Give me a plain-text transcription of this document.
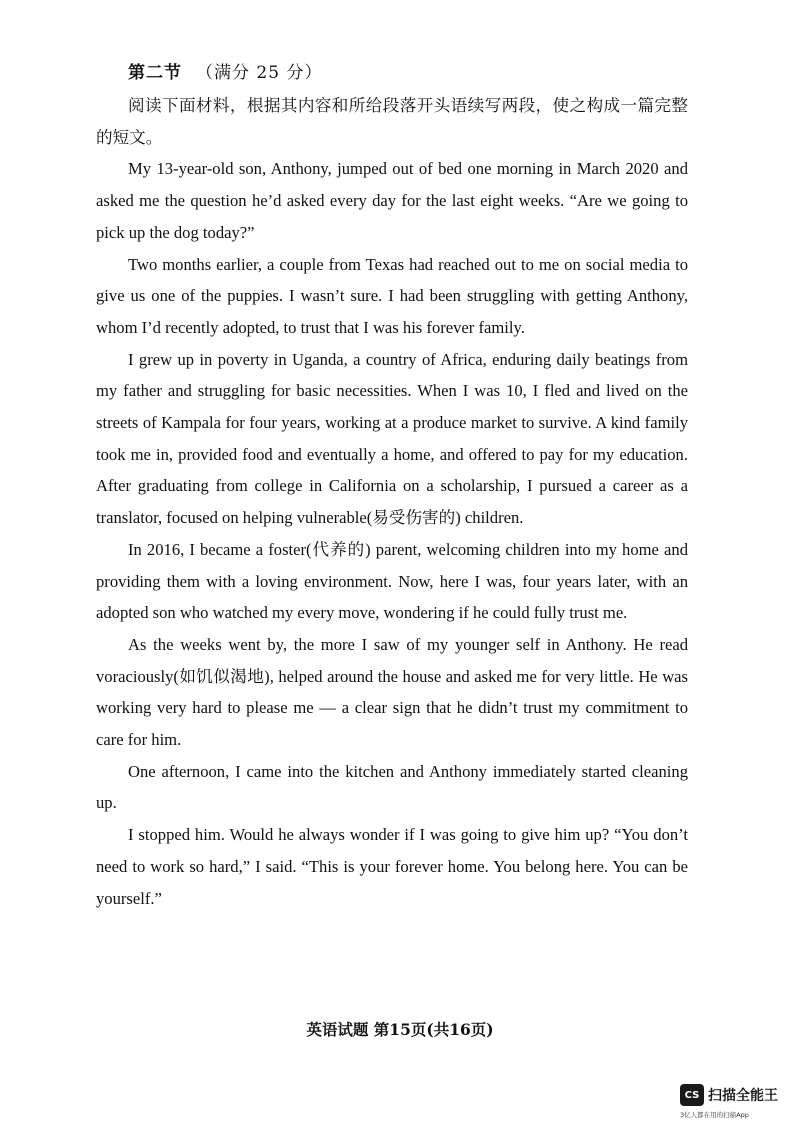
第二节 （满分 25 分）

阅读下面材料，根据其内容和所给段落开头语续写两段，使之构成一篇完整的短文。

My 13-year-old son, Anthony, jumped out of bed one morning in March 2020 and asked me the question he’d asked every day for the last eight weeks. “Are we going to pick up the dog today?”

Two months earlier, a couple from Texas had reached out to me on social media to give us one of the puppies. I wasn’t sure. I had been struggling with getting Anthony, whom I’d recently adopted, to trust that I was his forever family.

I grew up in poverty in Uganda, a country of Africa, enduring daily beatings from my father and struggling for basic necessities. When I was 10, I fled and lived on the streets of Kampala for four years, working at a produce market to survive. A kind family took me in, provided food and eventually a home, and offered to pay for my education. After graduating from college in California on a scholarship, I pursued a career as a translator, focused on helping vulnerable(易受伤害的) children.

In 2016, I became a foster(代养的) parent, welcoming children into my home and providing them with a loving environment. Now, here I was, four years later, with an adopted son who watched my every move, wondering if he could fully trust me.

As the weeks went by, the more I saw of my younger self in Anthony. He read voraciously(如饥似渴地), helped around the house and asked me for very little. He was working very hard to please me — a clear sign that he didn’t trust my commitment to care for him.

One afternoon, I came into the kitchen and Anthony immediately started cleaning up.

I stopped him. Would he always wonder if I was going to give him up? “You don’t need to work so hard,” I said. “This is your forever home. You belong here. You can be yourself.”

英语试题 第15页(共16页)
CS 扫描全能王
3亿人都在用的扫描App
